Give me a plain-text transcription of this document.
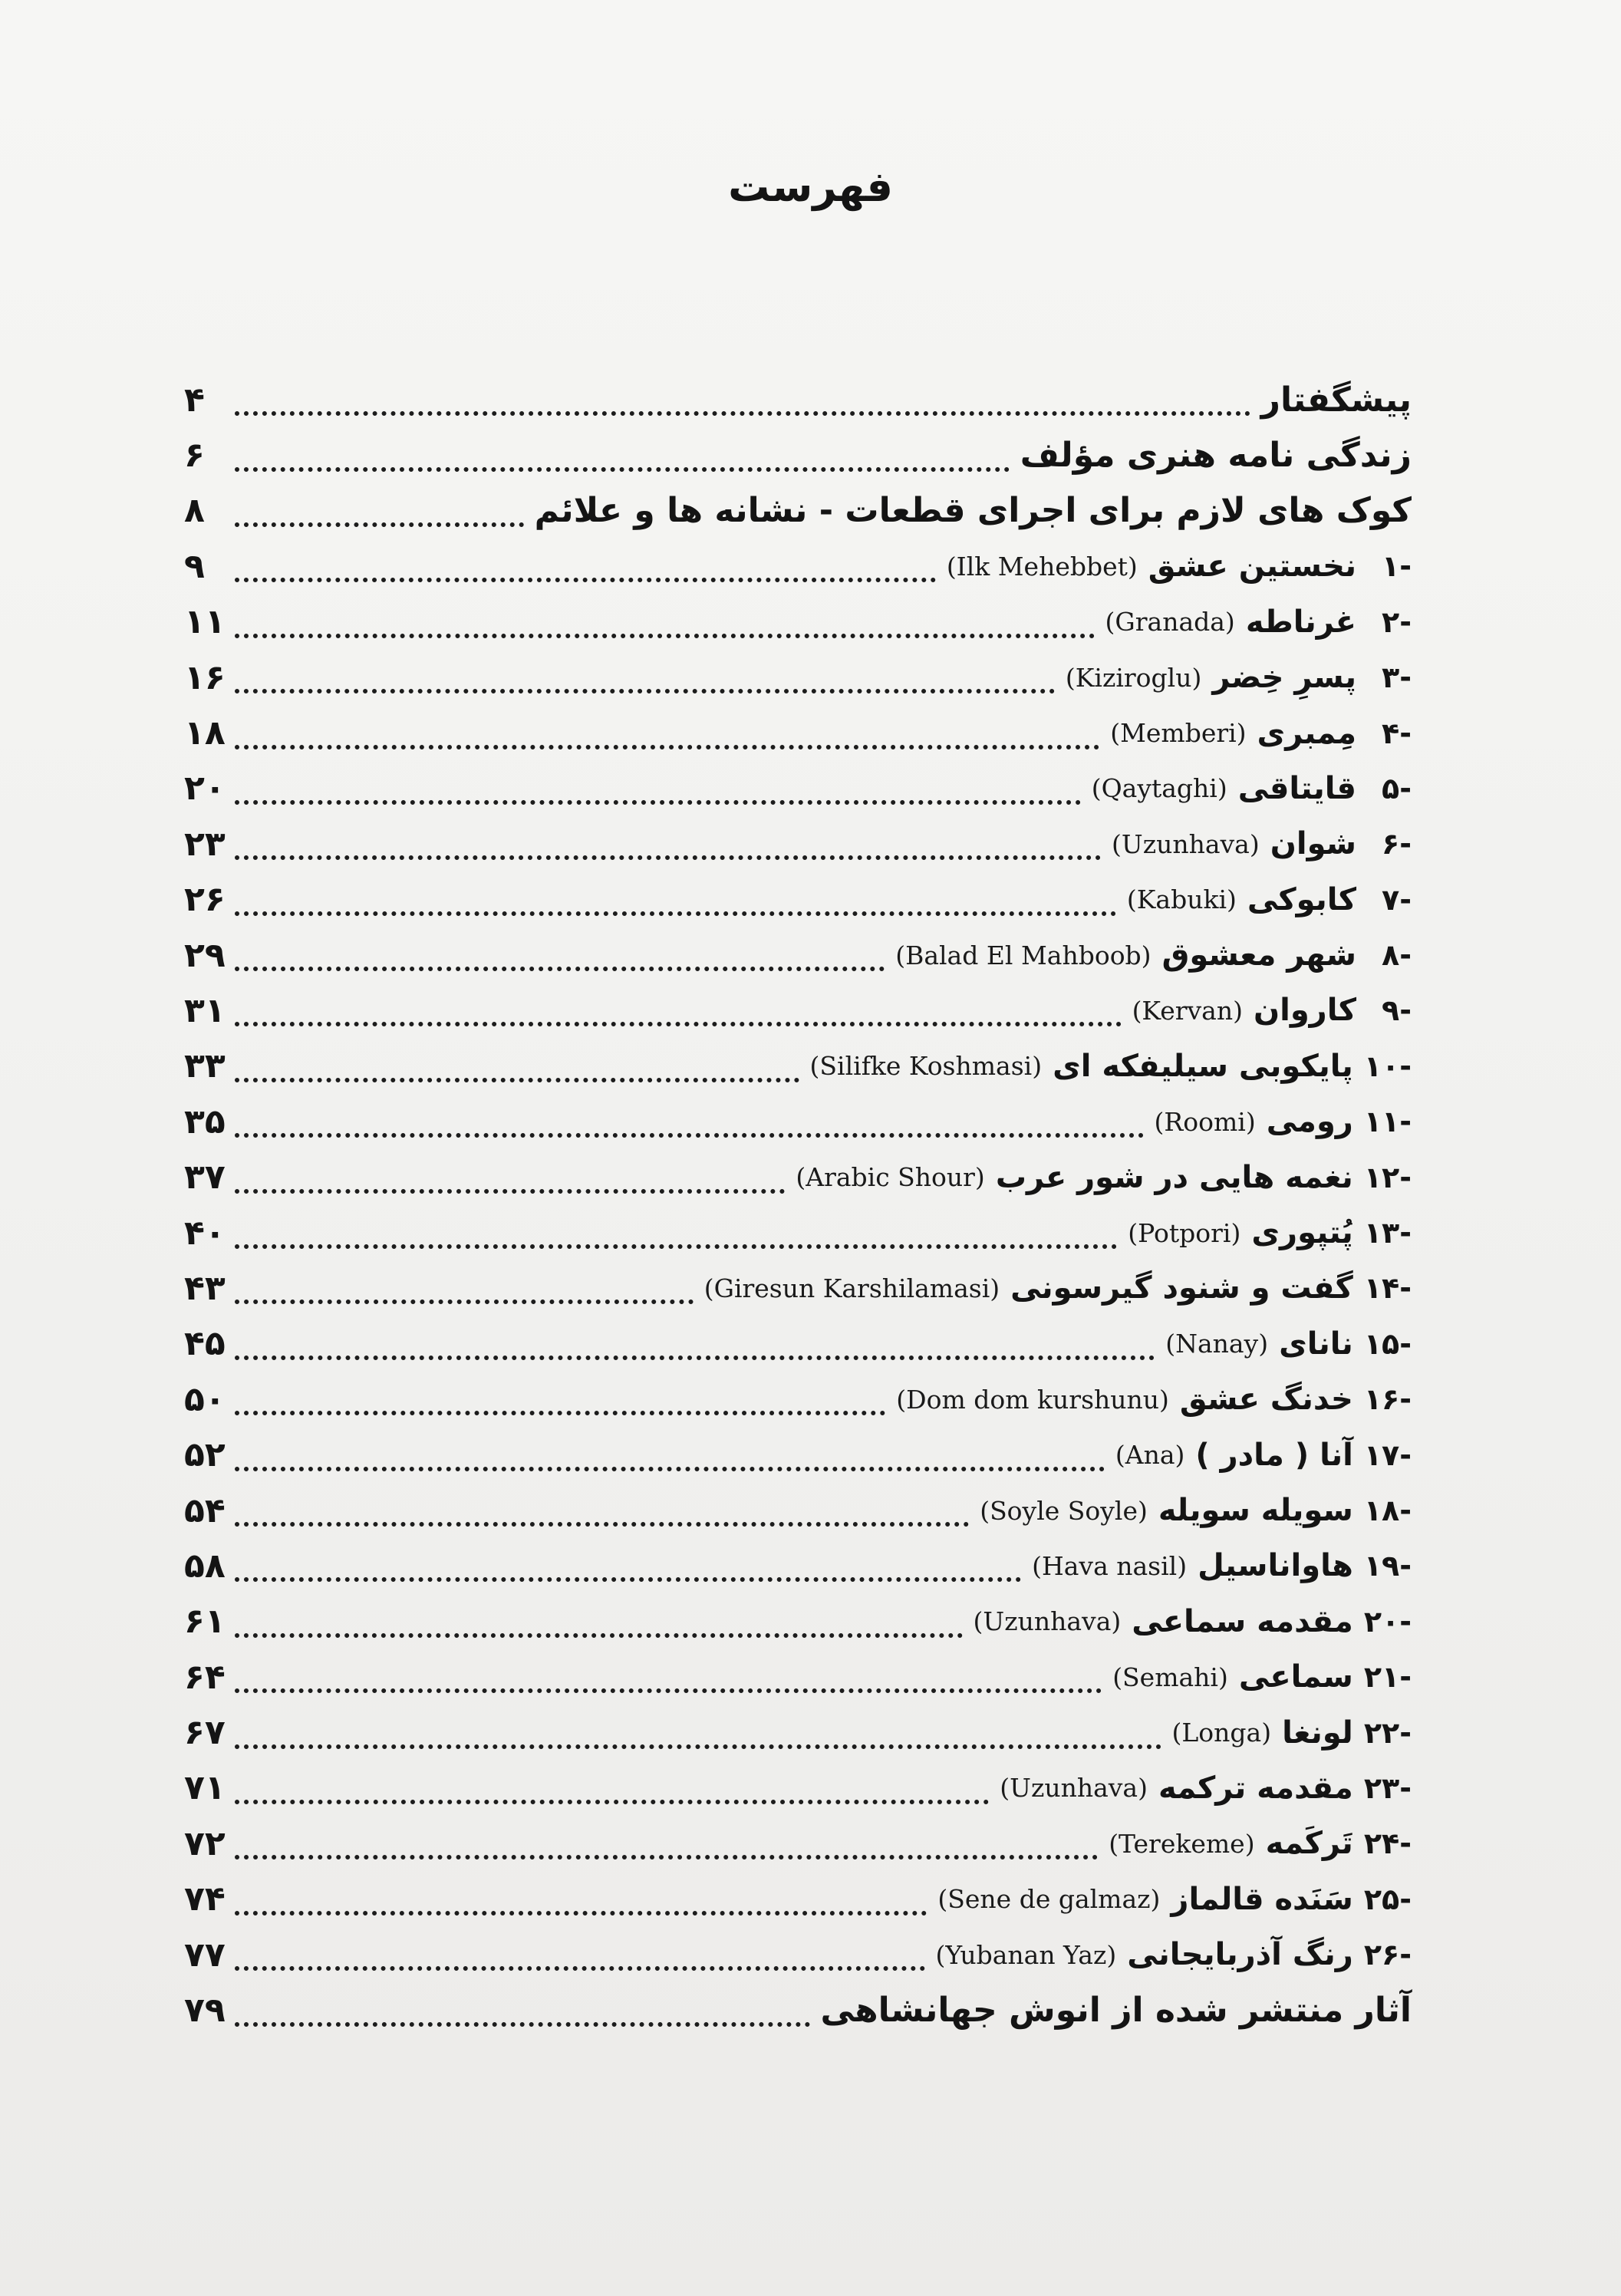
فهرست
پیشگفتار
۴
زندگی نامه هنری مؤلف
۶
کوک های لازم برای اجرای قطعات - نشانه ها و علائم
۸
-۱
نخستین عشق
(Ilk Mehebbet)
۹
-۲
غرناطه
(Granada)
۱۱
-۳
پسرِ خِضر
(Kiziroglu)
۱۶
-۴
مِمبری
(Memberi)
۱۸
-۵
قایتاقی
(Qaytaghi)
۲۰
-۶
شوان
(Uzunhava)
۲۳
-۷
کابوکی
(Kabuki)
۲۶
-۸
شهر معشوق
(Balad El Mahboob)
۲۹
-۹
کاروان
(Kervan)
۳۱
-۱۰
پایکوبی سیلیفکه ای
(Silifke Koshmasi)
۳۳
-۱۱
رومی
(Roomi)
۳۵
-۱۲
نغمه هایی در شور عرب
(Arabic Shour)
۳۷
-۱۳
پُتپوری
(Potpori)
۴۰
-۱۴
گفت و شنود گیرسونی
(Giresun Karshilamasi)
۴۳
-۱۵
نانای
(Nanay)
۴۵
-۱۶
خدنگ عشق
(Dom dom kurshunu)
۵۰
-۱۷
آنا ( مادر )
(Ana)
۵۲
-۱۸
سویله سویله
(Soyle Soyle)
۵۴
-۱۹
هاواناسیل
(Hava nasil)
۵۸
-۲۰
مقدمه سماعی
(Uzunhava)
۶۱
-۲۱
سماعی
(Semahi)
۶۴
-۲۲
لونغا
(Longa)
۶۷
-۲۳
مقدمه ترکمه
(Uzunhava)
۷۱
-۲۴
تَرکَمه
(Terekeme)
۷۲
-۲۵
سَنَده قالماز
(Sene de galmaz)
۷۴
-۲۶
رنگ آذربایجانی
(Yubanan Yaz)
۷۷
آثار منتشر شده از انوش جهانشاهی
۷۹
